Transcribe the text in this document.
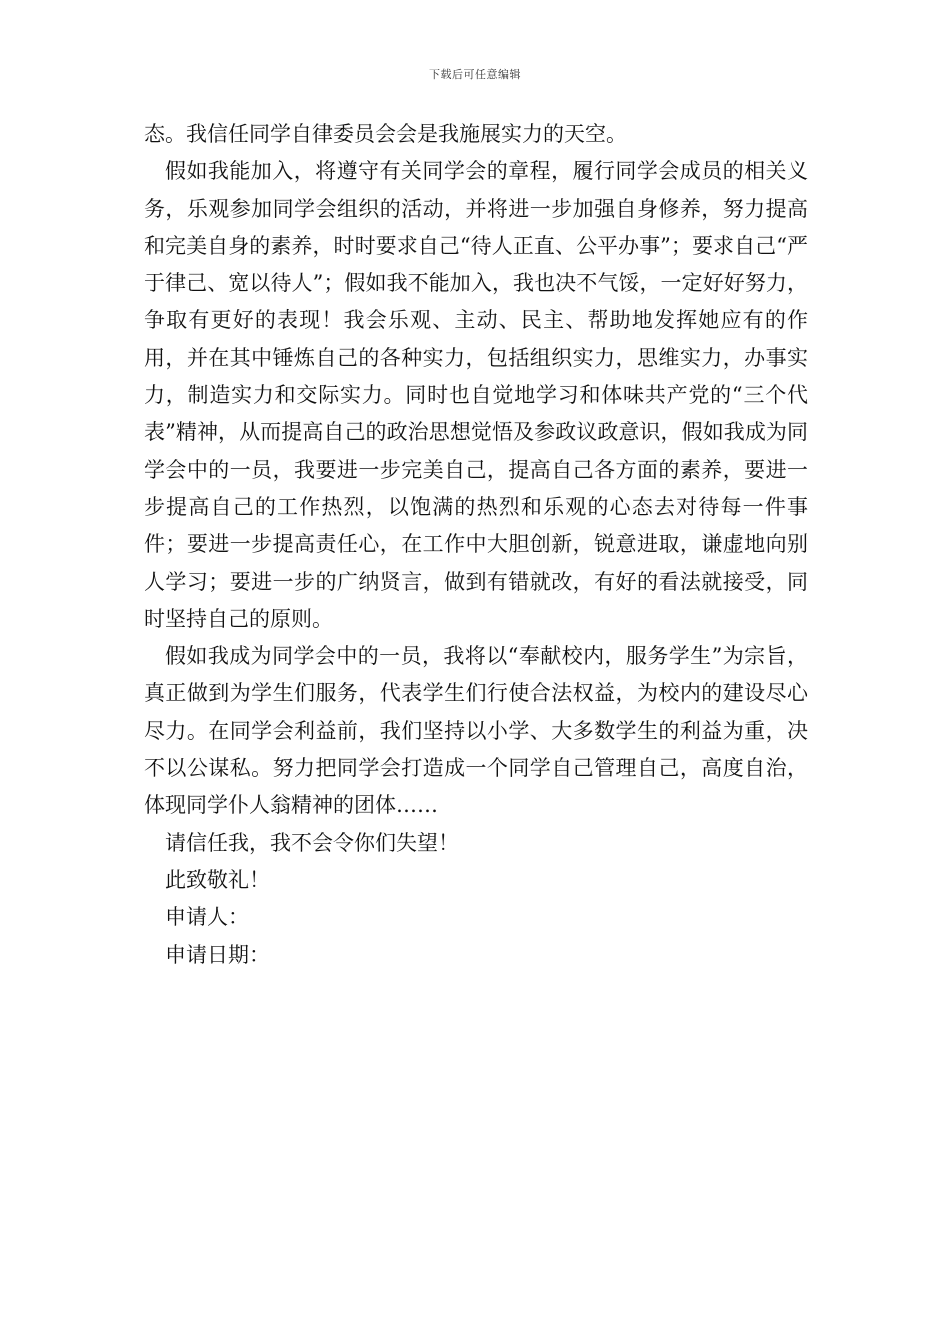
下载后可任意编辑

态。我信任同学自律委员会会是我施展实力的天空。

假如我能加入，将遵守有关同学会的章程，履行同学会成员的相关义务，乐观参加同学会组织的活动，并将进一步加强自身修养，努力提高和完美自身的素养，时时要求自己“待人正直、公平办事”；要求自己“严于律己、宽以待人”；假如我不能加入，我也决不气馁，一定好好努力，争取有更好的表现！我会乐观、主动、民主、帮助地发挥她应有的作用，并在其中锤炼自己的各种实力，包括组织实力，思维实力，办事实力，制造实力和交际实力。同时也自觉地学习和体味共产党的“三个代表”精神，从而提高自己的政治思想觉悟及参政议政意识，假如我成为同学会中的一员，我要进一步完美自己，提高自己各方面的素养，要进一步提高自己的工作热烈，以饱满的热烈和乐观的心态去对待每一件事件；要进一步提高责任心，在工作中大胆创新，锐意进取，谦虚地向别人学习；要进一步的广纳贤言，做到有错就改，有好的看法就接受，同时坚持自己的原则。

假如我成为同学会中的一员，我将以“奉献校内，服务学生”为宗旨，真正做到为学生们服务，代表学生们行使合法权益，为校内的建设尽心尽力。在同学会利益前，我们坚持以小学、大多数学生的利益为重，决不以公谋私。努力把同学会打造成一个同学自己管理自己，高度自治，体现同学仆人翁精神的团体……

请信任我，我不会令你们失望！

此致敬礼！

申请人：

申请日期：
